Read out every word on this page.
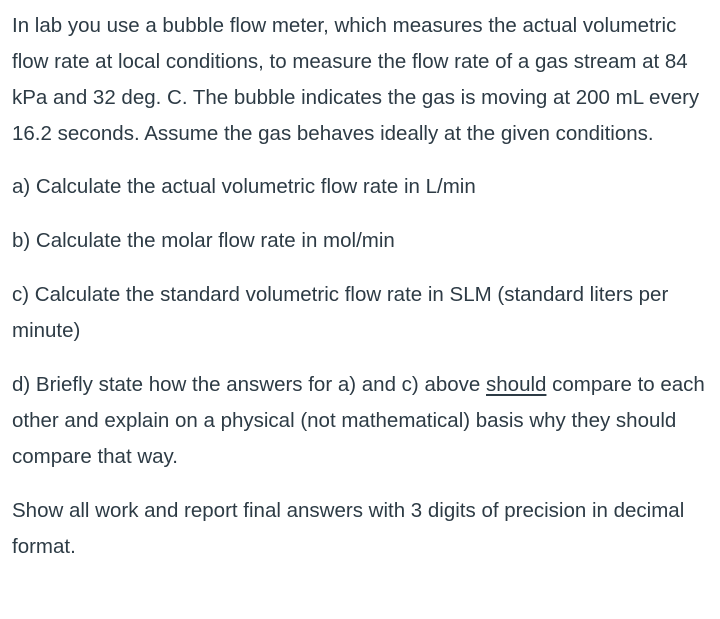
In lab you use a bubble flow meter, which measures the actual volumetric flow rate at local conditions, to measure the flow rate of a gas stream at 84 kPa and 32 deg. C. The bubble indicates the gas is moving at 200 mL every 16.2 seconds. Assume the gas behaves ideally at the given conditions.

a) Calculate the actual volumetric flow rate in L/min

b) Calculate the molar flow rate in mol/min

c) Calculate the standard volumetric flow rate in SLM (standard liters per minute)

d) Briefly state how the answers for a) and c) above should compare to each other and explain on a physical (not mathematical) basis why they should compare that way.

Show all work and report final answers with 3 digits of precision in decimal format.
